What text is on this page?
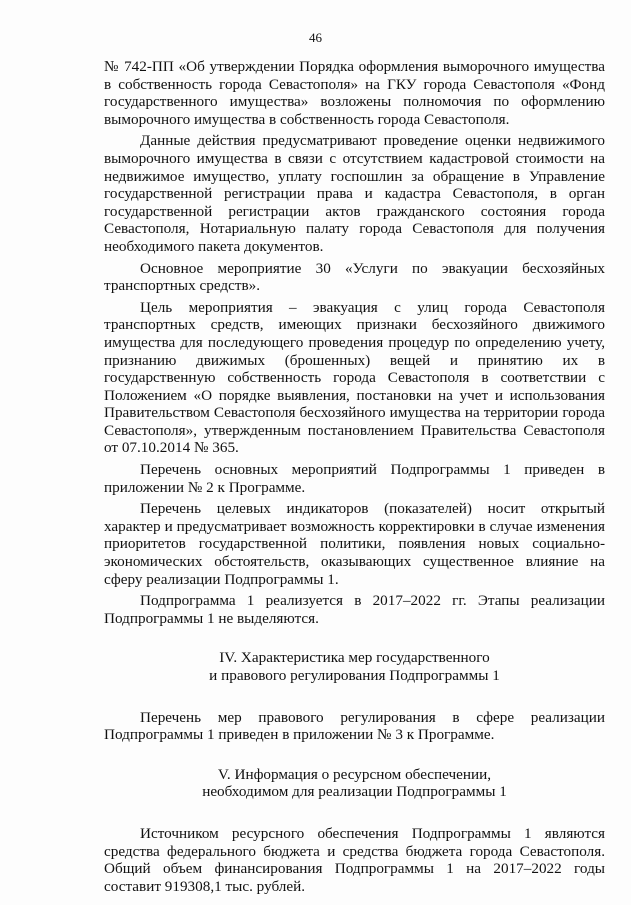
46

№ 742-ПП «Об утверждении Порядка оформления выморочного имущества в собственность города Севастополя» на ГКУ города Севастополя «Фонд государственного имущества» возложены полномочия по оформлению выморочного имущества в собственность города Севастополя.

Данные действия предусматривают проведение оценки недвижимого выморочного имущества в связи с отсутствием кадастровой стоимости на недвижимое имущество, уплату госпошлин за обращение в Управление государственной регистрации права и кадастра Севастополя, в орган государственной регистрации актов гражданского состояния города Севастополя, Нотариальную палату города Севастополя для получения необходимого пакета документов.

Основное мероприятие 30 «Услуги по эвакуации бесхозяйных транспортных средств».

Цель мероприятия – эвакуация с улиц города Севастополя транспортных средств, имеющих признаки бесхозяйного движимого имущества для последующего проведения процедур по определению учету, признанию движимых (брошенных) вещей и принятию их в государственную собственность города Севастополя в соответствии с Положением «О порядке выявления, постановки на учет и использования Правительством Севастополя бесхозяйного имущества на территории города Севастополя», утвержденным постановлением Правительства Севастополя от 07.10.2014 № 365.

Перечень основных мероприятий Подпрограммы 1 приведен в приложении № 2 к Программе.

Перечень целевых индикаторов (показателей) носит открытый характер и предусматривает возможность корректировки в случае изменения приоритетов государственной политики, появления новых социально-экономических обстоятельств, оказывающих существенное влияние на сферу реализации Подпрограммы 1.

Подпрограмма 1 реализуется в 2017–2022 гг. Этапы реализации Подпрограммы 1 не выделяются.

IV. Характеристика мер государственного
и правового регулирования Подпрограммы 1

Перечень мер правового регулирования в сфере реализации Подпрограммы 1 приведен в приложении № 3 к Программе.

V. Информация о ресурсном обеспечении,
необходимом для реализации Подпрограммы 1

Источником ресурсного обеспечения Подпрограммы 1 являются средства федерального бюджета и средства бюджета города Севастополя. Общий объем финансирования Подпрограммы 1 на 2017–2022 годы составит 919308,1 тыс. рублей.
